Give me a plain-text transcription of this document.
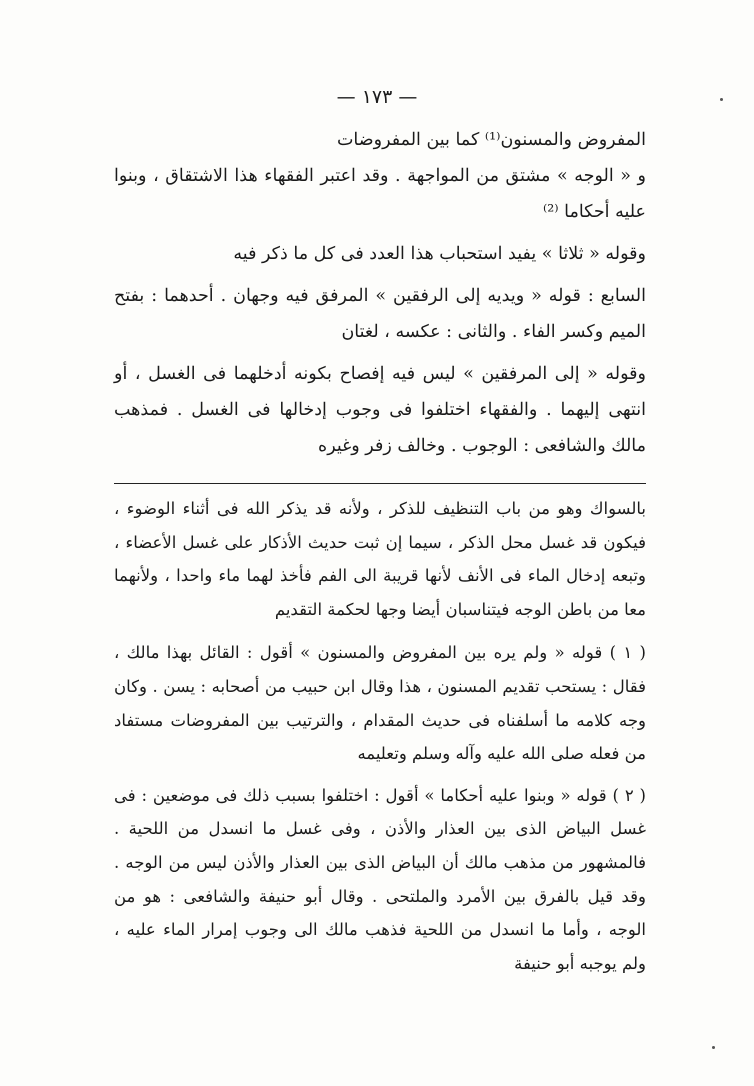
— ١٧٣ —

المفروض والمسنون⁽¹⁾ كما بين المفروضات

و « الوجه » مشتق من المواجهة . وقد اعتبر الفقهاء هذا الاشتقاق ، وبنوا عليه أحكاما ⁽²⁾

وقوله « ثلاثا » يفيد استحباب هذا العدد فى كل ما ذكر فيه

السابع : قوله « ويديه إلى الرفقين » المرفق فيه وجهان . أحدهما : بفتح الميم وكسر الفاء . والثانى : عكسه ، لغتان

وقوله « إلى المرفقين » ليس فيه إفصاح بكونه أدخلهما فى الغسل ، أو انتهى إليهما . والفقهاء اختلفوا فى وجوب إدخالها فى الغسل . فمذهب مالك والشافعى : الوجوب . وخالف زفر وغيره

بالسواك وهو من باب التنظيف للذكر ، ولأنه قد يذكر الله فى أثناء الوضوء ، فيكون قد غسل محل الذكر ، سيما إن ثبت حديث الأذكار على غسل الأعضاء ، وتبعه إدخال الماء فى الأنف لأنها قريبة الى الفم فأخذ لهما ماء واحدا ، ولأنهما معا من باطن الوجه فيتناسبان أيضا وجها لحكمة التقديم

( ١ ) قوله « ولم يره بين المفروض والمسنون » أقول : القائل بهذا مالك ، فقال : يستحب تقديم المسنون ، هذا وقال ابن حبيب من أصحابه : يسن . وكان وجه كلامه ما أسلفناه فى حديث المقدام ، والترتيب بين المفروضات مستفاد من فعله صلى الله عليه وآله وسلم وتعليمه

( ٢ ) قوله « وبنوا عليه أحكاما » أقول : اختلفوا بسبب ذلك فى موضعين : فى غسل البياض الذى بين العذار والأذن ، وفى غسل ما انسدل من اللحية . فالمشهور من مذهب مالك أن البياض الذى بين العذار والأذن ليس من الوجه . وقد قيل بالفرق بين الأمرد والملتحى . وقال أبو حنيفة والشافعى : هو من الوجه ، وأما ما انسدل من اللحية فذهب مالك الى وجوب إمرار الماء عليه ، ولم يوجبه أبو حنيفة
